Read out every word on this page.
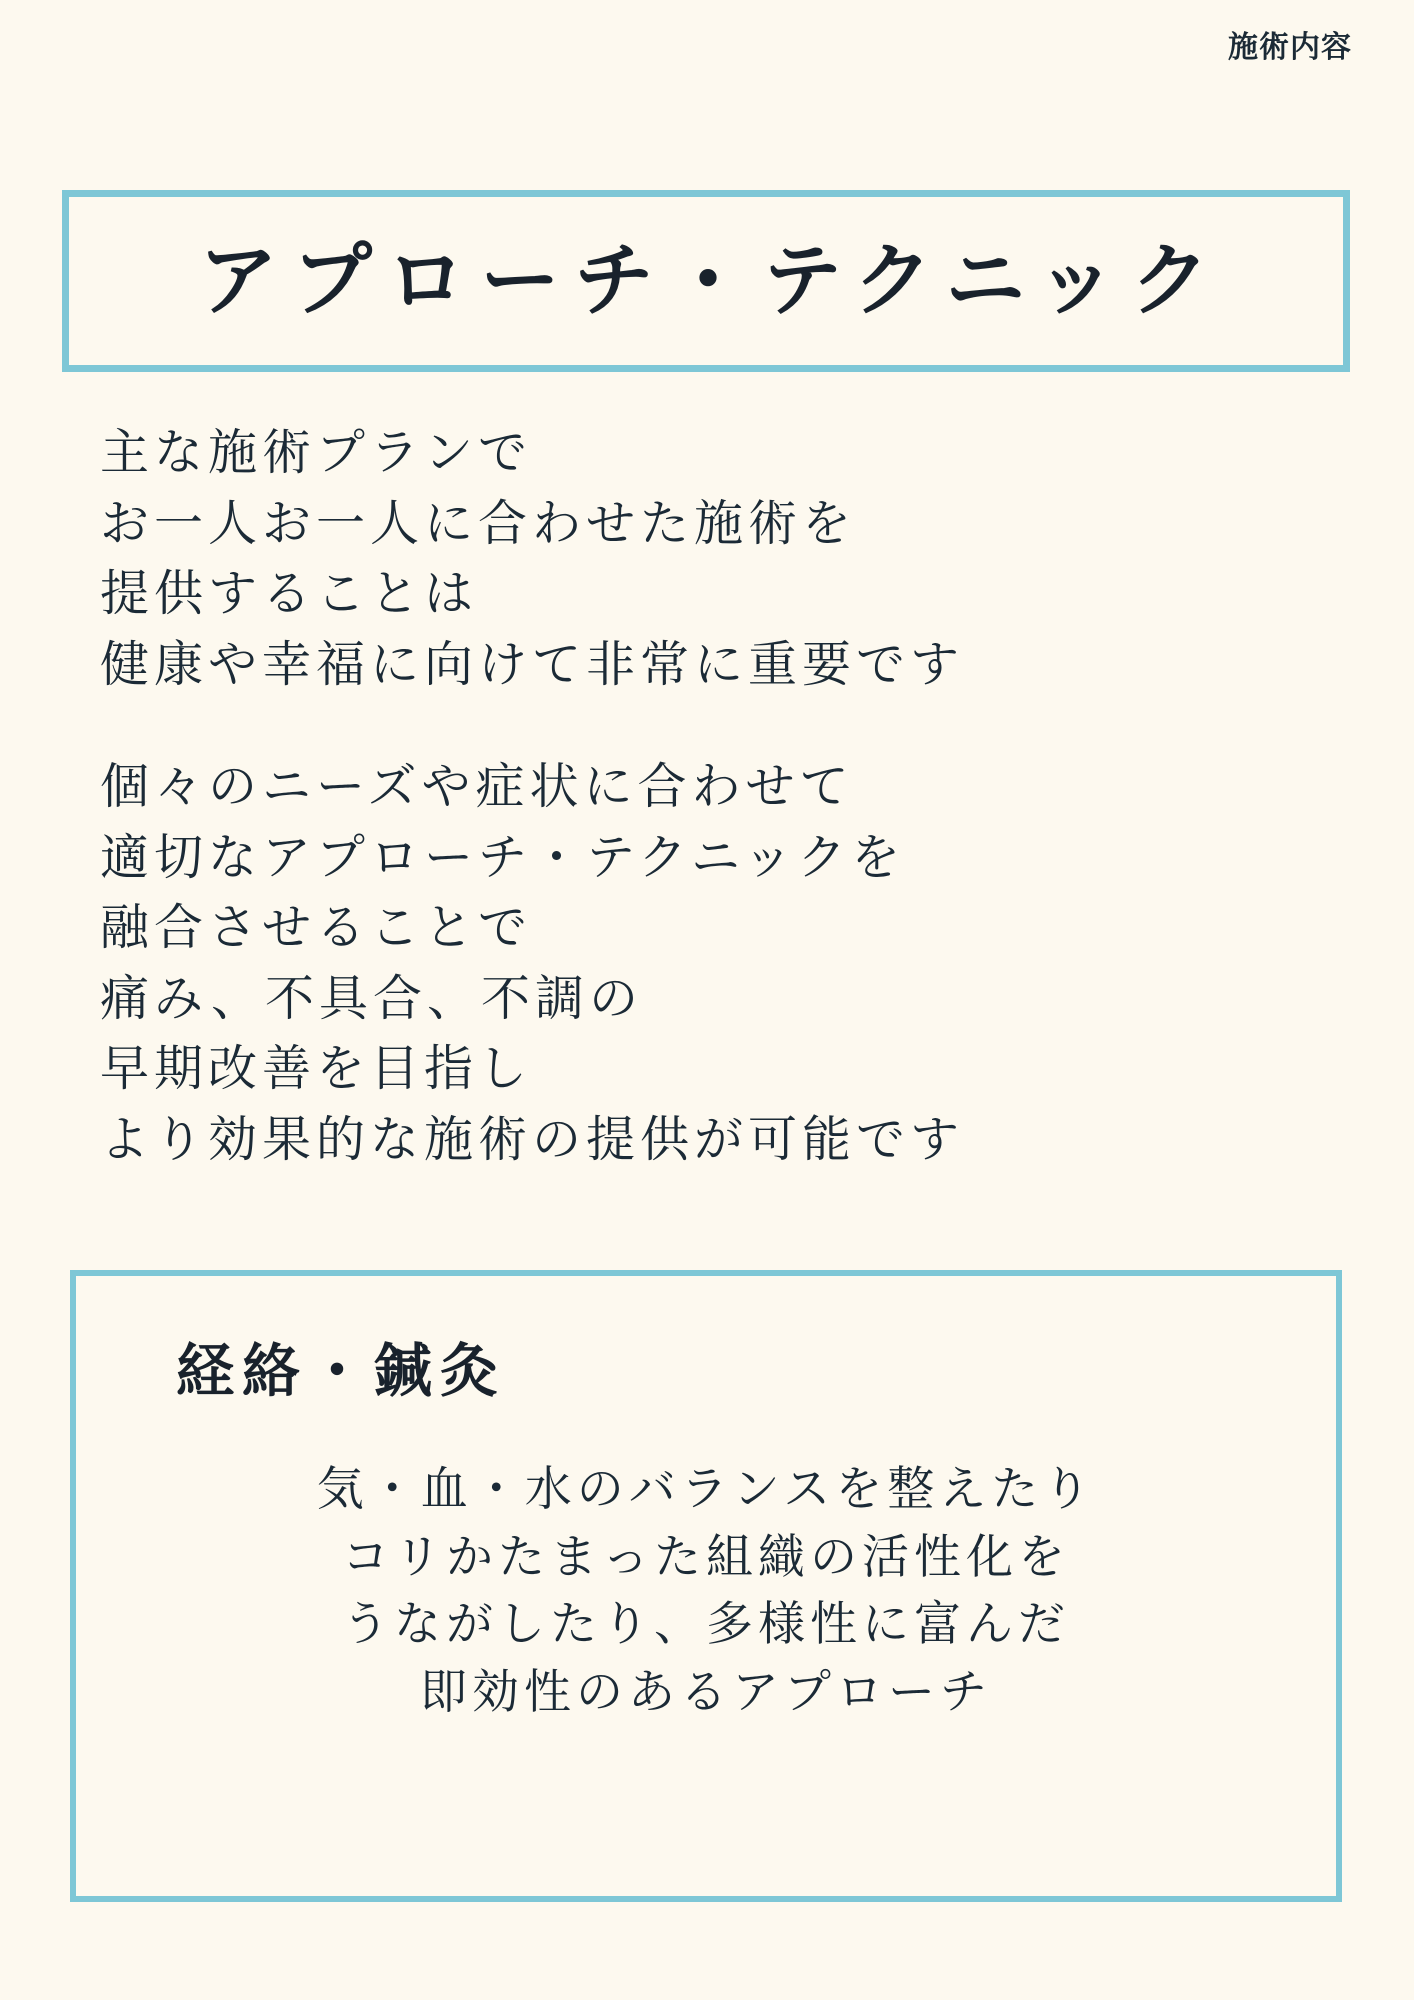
施術内容
アプローチ・テクニック
主な施術プランで
お一人お一人に合わせた施術を
提供することは
健康や幸福に向けて非常に重要です
個々のニーズや症状に合わせて
適切なアプローチ・テクニックを
融合させることで
痛み、不具合、不調の
早期改善を目指し
より効果的な施術の提供が可能です
経絡・鍼灸
気・血・水のバランスを整えたり
コリかたまった組織の活性化を
うながしたり、多様性に富んだ
即効性のあるアプローチ
